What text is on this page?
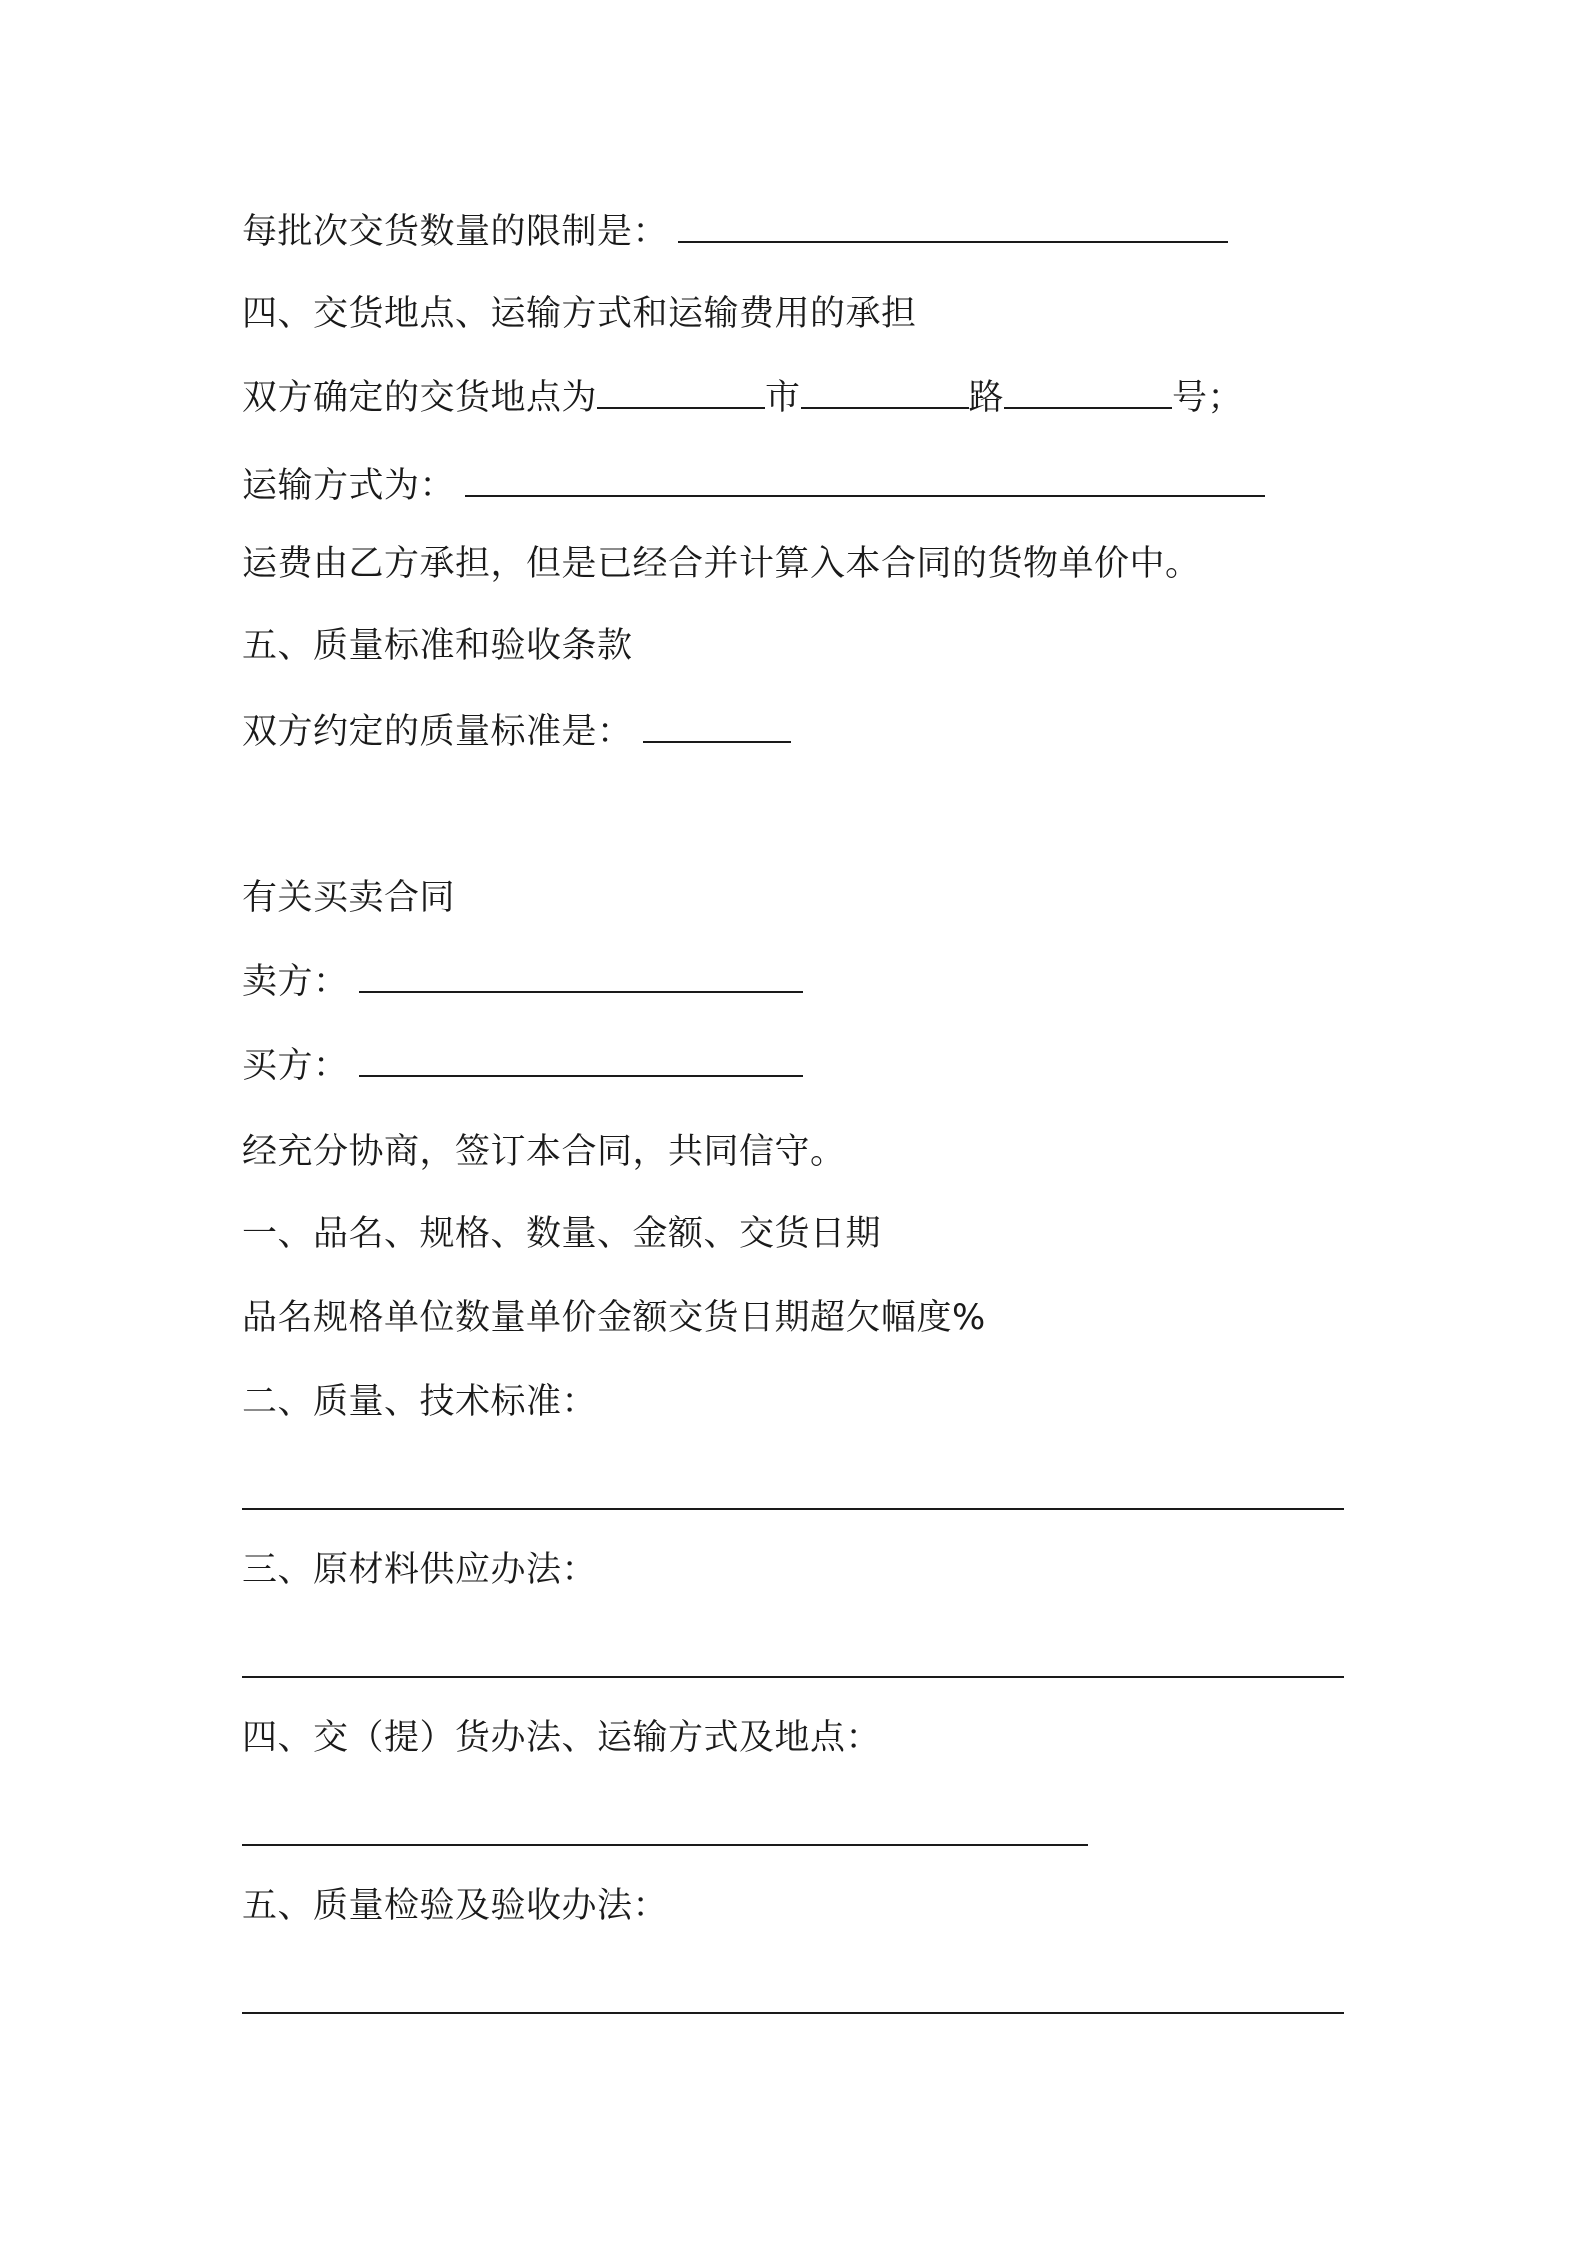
每批次交货数量的限制是：
四、交货地点、运输方式和运输费用的承担
双方确定的交货地点为	市	路	号；
运输方式为：
运费由乙方承担，但是已经合并计算入本合同的货物单价中。
五、质量标准和验收条款
双方约定的质量标准是：
有关买卖合同
卖方：
买方：
经充分协商，签订本合同，共同信守。
一、品名、规格、数量、金额、交货日期
品名规格单位数量单价金额交货日期超欠幅度%
二、质量、技术标准：
三、原材料供应办法：
四、交（提）货办法、运输方式及地点：
五、质量检验及验收办法：
